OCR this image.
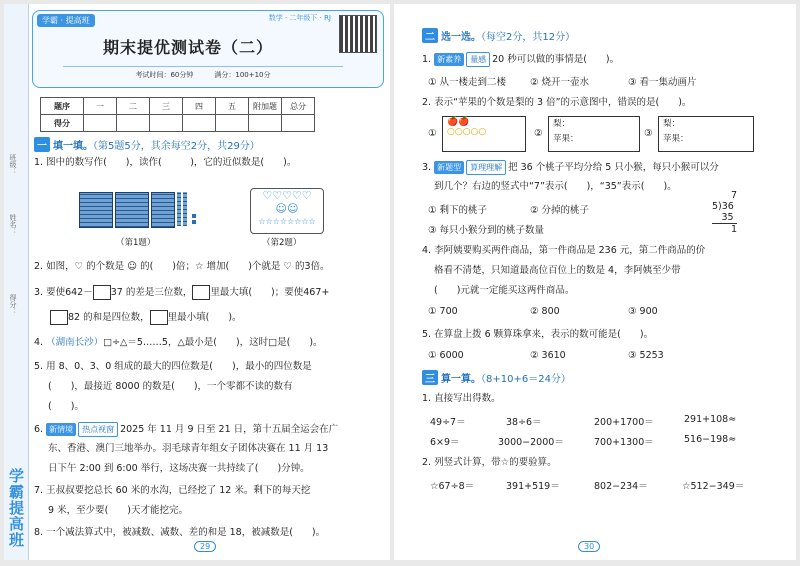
班级：
姓名：
得分：
学霸提高班
学霸 · 提高班	数学 · 二年级下 · RJ
期末提优测试卷（二）
考试时间：60分钟　　　满分：100+10分
题序	一	二	三	四	五	附加题	总分
得分							
一 填一填。（第5题5分，其余每空2分，共29分）
1. 图中的数写作(　　)，读作(　　　)，它的近似数是(　　)。
（第1题）
♡♡♡♡♡
☺☺
☆☆☆☆☆☆☆☆
（第2题）
2. 如图，♡ 的个数是 ☺ 的(　　)倍；☆ 增加(　　)个就是 ♡ 的3倍。
3. 要使642－ 37 的差是三位数， 里最大填(　　)；要使467+
82 的和是四位数， 里最小填(　　)。
4. （湖南长沙）□÷△＝5……5，△最小是(　　)，这时□是(　　)。
5. 用 8、0、3、0 组成的最大的四位数是(　　)，最小的四位数是
(　　)，最接近 8000 的数是(　　)，一个零都不读的数有
(　　)。
6. 新情境 热点视窗 2025 年 11 月 9 日至 21 日，第十五届全运会在广
东、香港、澳门三地举办。羽毛球青年组女子团体决赛在 11 月 13
日下午 2:00 到 6:00 举行，这场决赛一共持续了(　　)分钟。
7. 王叔叔要挖总长 60 米的水沟，已经挖了 12 米。剩下的每天挖
9 米，至少要(　　)天才能挖完。
8. 一个减法算式中，被减数、减数、差的和是 18，被减数是(　　)。
29
二 选一选。（每空2分，共12分）
1. 新素养 量感 20 秒可以做的事情是(　　)。
① 从一楼走到二楼	② 烧开一壶水	③ 看一集动画片
2. 表示“苹果的个数是梨的 3 倍”的示意图中，错误的是(　　)。
①
🍎🍎
○○○○○	②
梨：
苹果：	③
梨：
苹果：
3. 新题型 算理理解 把 36 个桃子平均分给 5 只小猴，每只小猴可以分
到几个？右边的竖式中“7”表示(　　)，“35”表示(　　)。
① 剩下的桃子	② 分掉的桃子
③ 每只小猴分到的桃子数量
　　7
5)36
　35
　　1
4. 李阿姨要购买两件商品，第一件商品是 236 元，第二件商品的价
格看不清楚，只知道最高位百位上的数是 4，李阿姨至少带
(　　)元就一定能买这两件商品。
① 700	② 800	③ 900
5. 在算盘上拨 6 颗算珠拿来，表示的数可能是(　　)。
① 6000	② 3610	③ 5253
三 算一算。（8+10+6＝24分）
1. 直接写出得数。
49÷7＝	38÷6＝	200+1700＝	291+108≈
6×9＝	3000−2000＝	700+1300＝	516−198≈
2. 列竖式计算，带☆的要验算。
☆67÷8＝	391+519＝	802−234＝	☆512−349＝
30
